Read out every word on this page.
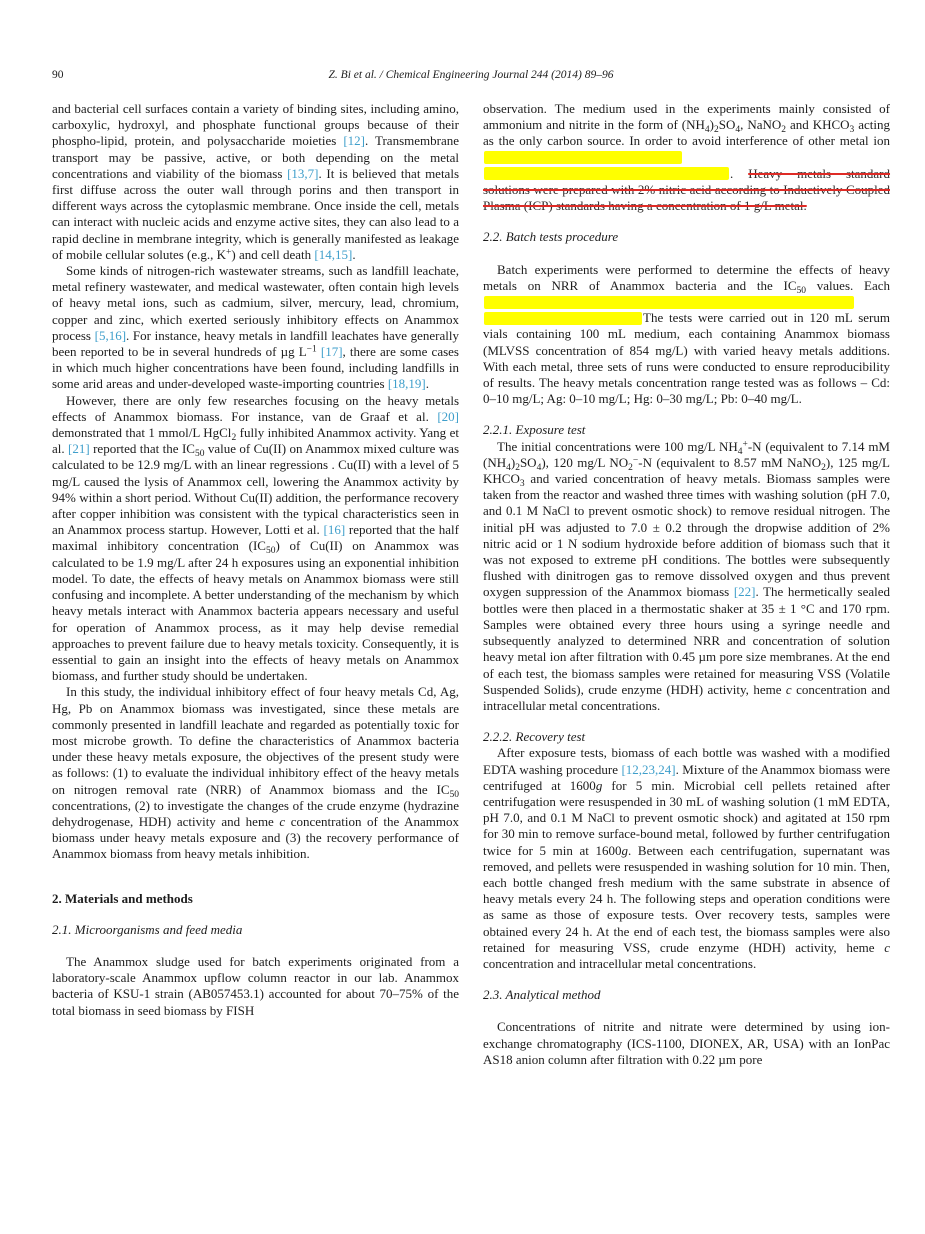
90	Z. Bi et al. / Chemical Engineering Journal 244 (2014) 89–96

and bacterial cell surfaces contain a variety of binding sites, including amino, carboxylic, hydroxyl, and phosphate functional groups because of their phospho-lipid, protein, and polysaccharide moieties [12]. Transmembrane transport may be passive, active, or both depending on the metal concentrations and viability of the biomass [13,7]. It is believed that metals first diffuse across the outer wall through porins and then transport in different ways across the cytoplasmic membrane. Once inside the cell, metals can interact with nucleic acids and enzyme active sites, they can also lead to a rapid decline in membrane integrity, which is generally manifested as leakage of mobile cellular solutes (e.g., K+) and cell death [14,15].

Some kinds of nitrogen-rich wastewater streams, such as landfill leachate, metal refinery wastewater, and medical wastewater, often contain high levels of heavy metal ions, such as cadmium, silver, mercury, lead, chromium, copper and zinc, which exerted seriously inhibitory effects on Anammox process [5,16]. For instance, heavy metals in landfill leachates have generally been reported to be in several hundreds of µg $L^{-1}$ [17], there are some cases in which much higher concentrations have been found, including landfills in some arid areas and under-developed waste-importing countries [18,19].

However, there are only few researches focusing on the heavy metals effects of Anammox biomass. For instance, van de Graaf et al. [20] demonstrated that 1 mmol/L HgCl$_2$ fully inhibited Anammox activity. Yang et al. [21] reported that the $IC_{50}$ value of Cu(II) on Anammox mixed culture was calculated to be 12.9 mg/L with an linear regressions . Cu(II) with a level of 5 mg/L caused the lysis of Anammox cell, lowering the Anammox activity by 94% within a short period. Without Cu(II) addition, the performance recovery after copper inhibition was consistent with the typical characteristics seen in an Anammox process startup. However, Lotti et al. [16] reported that the half maximal inhibitory concentration $(IC_{50})$ of Cu(II) on Anammox was calculated to be 1.9 mg/L after 24 h exposures using an exponential inhibition model. To date, the effects of heavy metals on Anammox biomass were still confusing and incomplete. A better understanding of the mechanism by which heavy metals interact with Anammox bacteria appears necessary and useful for operation of Anammox process, as it may help devise remedial approaches to prevent failure due to heavy metals toxicity. Consequently, it is essential to gain an insight into the effects of heavy metals on Anammox biomass, and further study should be undertaken.

In this study, the individual inhibitory effect of four heavy metals Cd, Ag, Hg, Pb on Anammox biomass was investigated, since these metals are commonly presented in landfill leachate and regarded as potentially toxic for most microbe growth. To define the characteristics of Anammox bacteria under these heavy metals exposure, the objectives of the present study were as follows: (1) to evaluate the individual inhibitory effect of the heavy metals on nitrogen removal rate (NRR) of Anammox biomass and the $IC_{50}$ concentrations, (2) to investigate the changes of the crude enzyme (hydrazine dehydrogenase, HDH) activity and heme c concentration of the Anammox biomass under heavy metals exposure and (3) the recovery performance of Anammox biomass from heavy metals inhibition.

2. Materials and methods
2.1. Microorganisms and feed media

The Anammox sludge used for batch experiments originated from a laboratory-scale Anammox upflow column reactor in our lab. Anammox bacteria of KSU-1 strain (AB057453.1) accounted for about 70–75% of the total biomass in seed biomass by FISH

observation. The medium used in the experiments mainly consisted of ammonium and nitrite in the form of $(NH_4)_2SO_4$, NaNO$_2$ and $KHCO_3$ acting as the only carbon source. In order to avoid interference of other metal ion. Heavy metals standard solutions were prepared with 2% nitric acid according to Inductively Coupled Plasma (ICP) standards having a concentration of 1 g/L metal.

2.2. Batch tests procedure

Batch experiments were performed to determine the effects of heavy metals on NRR of Anammox bacteria and the $IC_{50}$ values. Each The tests were carried out in 120 mL serum vials containing 100 mL medium, each containing Anammox biomass (MLVSS concentration of 854 mg/L) with varied heavy metals additions. With each metal, three sets of runs were conducted to ensure reproducibility of results. The heavy metals concentration range tested was as follows – Cd: 0–10 mg/L; Ag: 0–10 mg/L; Hg: 0–30 mg/L; Pb: 0–40 mg/L.

2.2.1. Exposure test

The initial concentrations were 100 mg/L $NH_4^+-N$ (equivalent to 7.14 mM $(NH_4)_2SO_4$), 120 mg/L $NO_2^--N$ (equivalent to 8.57 mM NaNO$_2$), 125 mg/L $KHCO_3$ and varied concentration of heavy metals. Biomass samples were taken from the reactor and washed three times with washing solution (pH 7.0, and 0.1 M NaCl to prevent osmotic shock) to remove residual nitrogen. The initial pH was adjusted to 7.0 ± 0.2 through the dropwise addition of 2% nitric acid or 1 N sodium hydroxide before addition of biomass such that it was not exposed to extreme pH conditions. The bottles were subsequently flushed with dinitrogen gas to remove dissolved oxygen and thus prevent oxygen suppression of the Anammox biomass [22]. The hermetically sealed bottles were then placed in a thermostatic shaker at 35 ± 1 °C and 170 rpm. Samples were obtained every three hours using a syringe needle and subsequently analyzed to determined NRR and concentration of solution heavy metal ion after filtration with 0.45 µm pore size membranes. At the end of each test, the biomass samples were retained for measuring VSS (Volatile Suspended Solids), crude enzyme (HDH) activity, heme c concentration and intracellular metal concentrations.

2.2.2. Recovery test

After exposure tests, biomass of each bottle was washed with a modified EDTA washing procedure [12,23,24]. Mixture of the Anammox biomass were centrifuged at 1600g for 5 min. Microbial cell pellets retained after centrifugation were resuspended in 30 mL of washing solution (1 mM EDTA, pH 7.0, and 0.1 M NaCl to prevent osmotic shock) and agitated at 150 rpm for 30 min to remove surface-bound metal, followed by further centrifugation twice for 5 min at 1600g. Between each centrifugation, supernatant was removed, and pellets were resuspended in washing solution for 10 min. Then, each bottle changed fresh medium with the same substrate in absence of heavy metals every 24 h. The following steps and operation conditions were as same as those of exposure tests. Over recovery tests, samples were obtained every 24 h. At the end of each test, the biomass samples were also retained for measuring VSS, crude enzyme (HDH) activity, heme c concentration and intracellular metal concentrations.

2.3. Analytical method

Concentrations of nitrite and nitrate were determined by using ion-exchange chromatography (ICS-1100, DIONEX, AR, USA) with an IonPac AS18 anion column after filtration with 0.22 µm pore
